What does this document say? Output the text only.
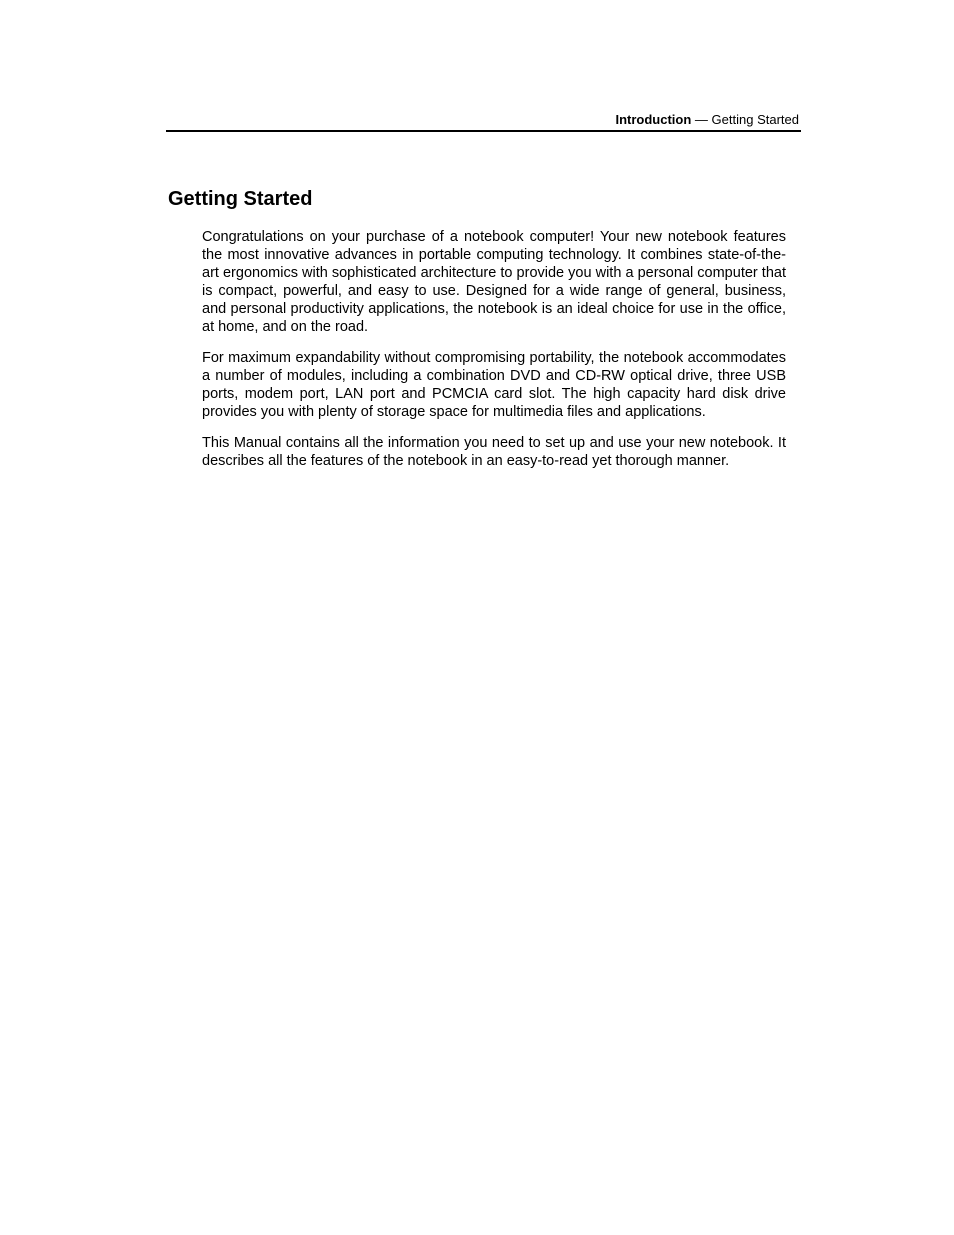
Introduction — Getting Started
Getting Started

Congratulations on your purchase of a notebook computer! Your new notebook features the most innovative advances in portable computing technology. It combines state-of-the-art ergonomics with sophisticated architecture to provide you with a personal computer that is compact, powerful, and easy to use. Designed for a wide range of general, business, and personal productivity applications, the notebook is an ideal choice for use in the office, at home, and on the road.

For maximum expandability without compromising portability, the notebook accommodates a number of modules, including a combination DVD and CD-RW optical drive, three USB ports, modem port, LAN port and PCMCIA card slot. The high capacity hard disk drive provides you with plenty of storage space for multimedia files and applications.

This Manual contains all the information you need to set up and use your new notebook. It describes all the features of the notebook in an easy-to-read yet thorough manner.
